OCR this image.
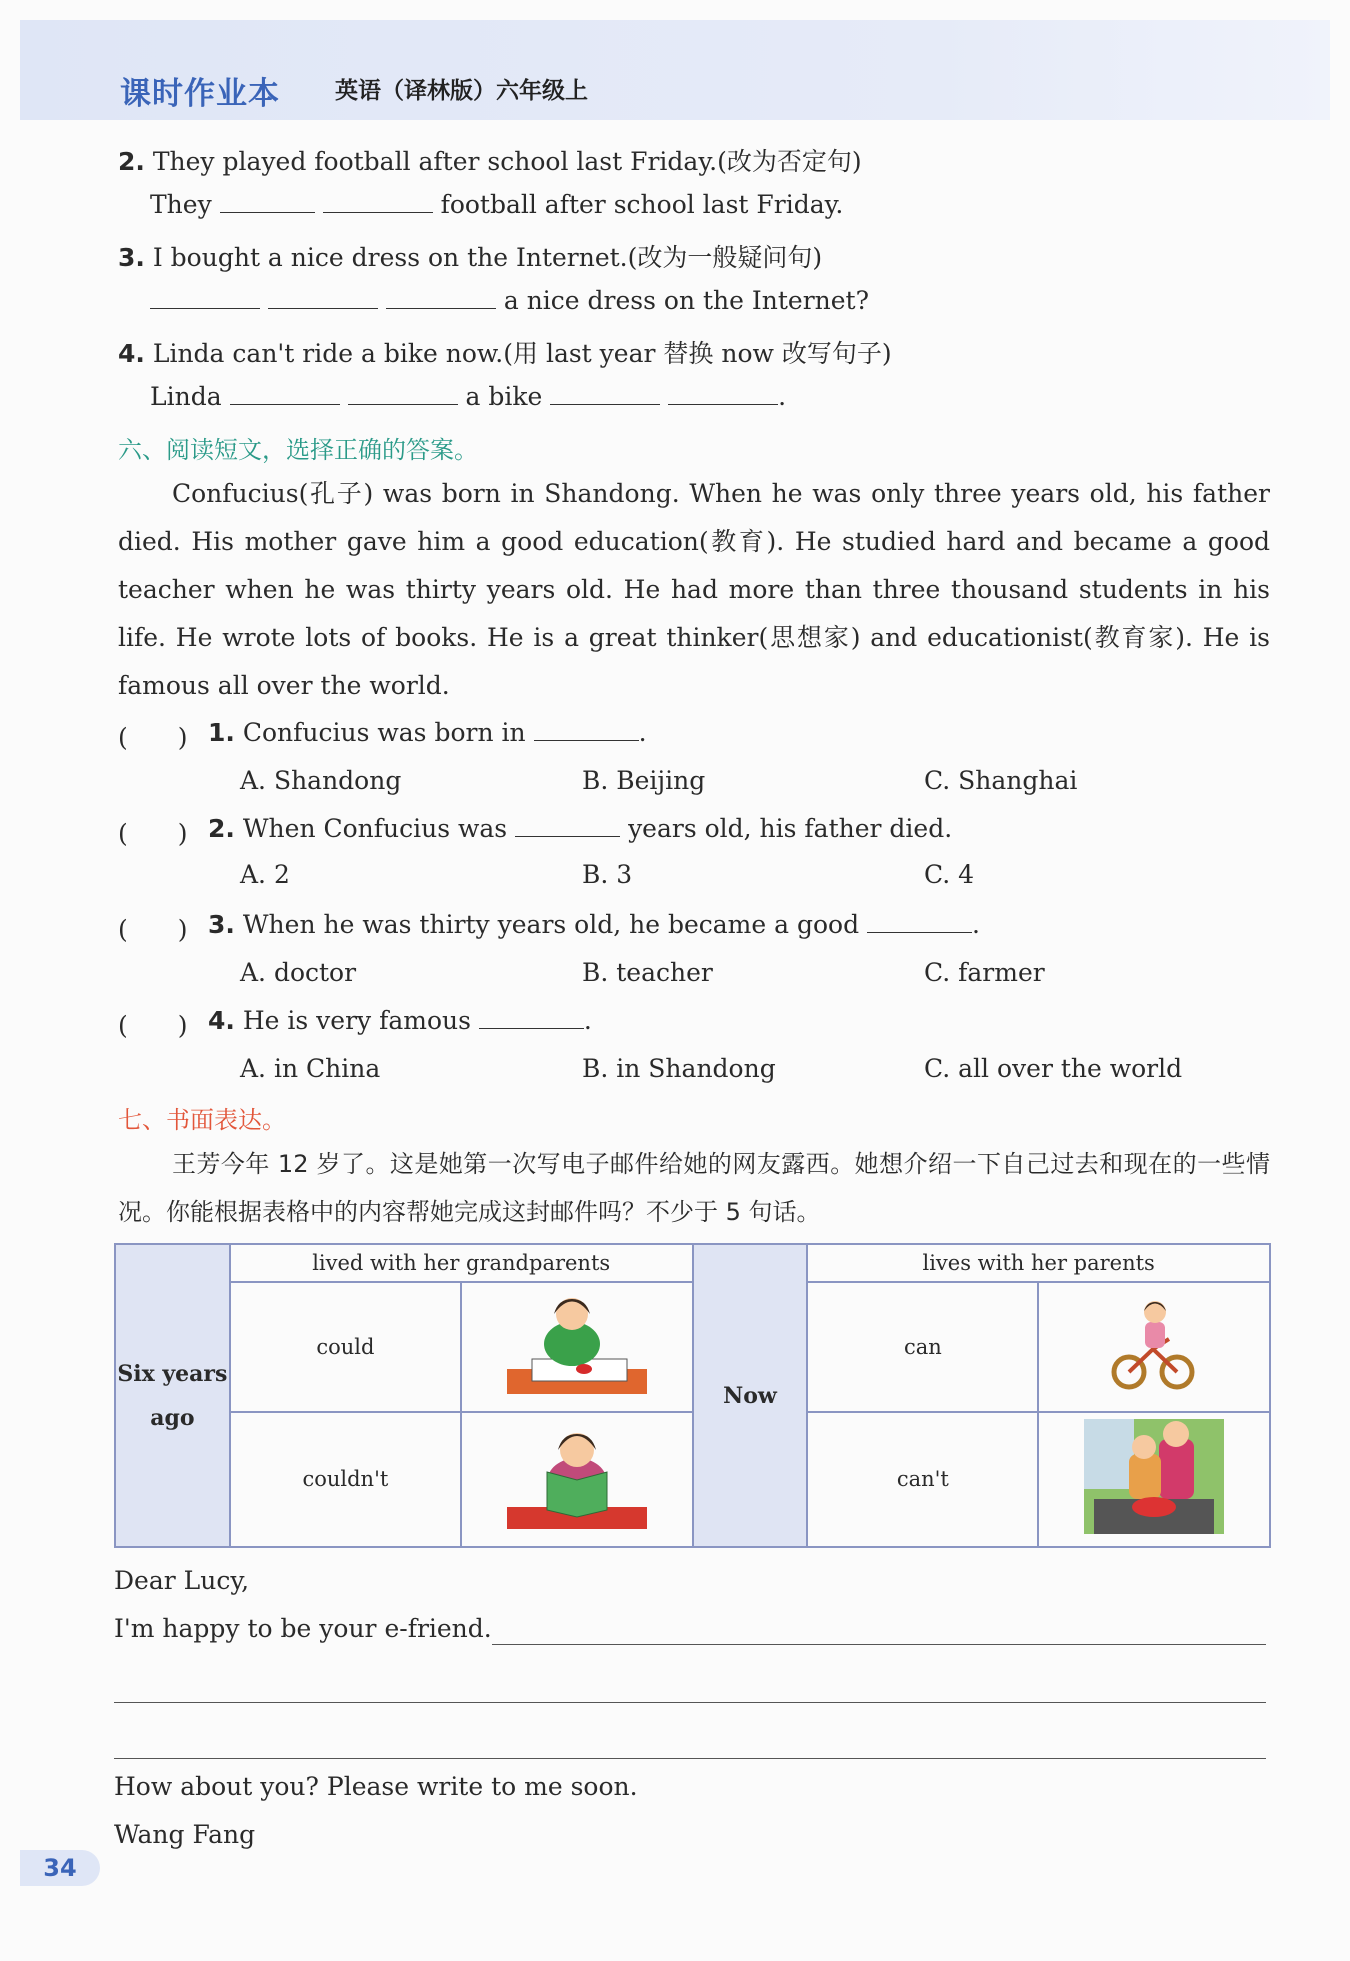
课时作业本 英语（译林版）六年级上
2. They played football after school last Friday.(改为否定句)
They	football after school last Friday.
3. I bought a nice dress on the Internet.(改为一般疑问句)
a nice dress on the Internet?
4. Linda can't ride a bike now.(用 last year 替换 now 改写句子)
Linda	a bike	.
六、阅读短文，选择正确的答案。
Confucius(孔子) was born in Shandong. When he was only three years old, his father died. His mother gave him a good education(教育). He studied hard and became a good teacher when he was thirty years old. He had more than three thousand students in his life. He wrote lots of books. He is a great thinker(思想家) and educationist(教育家). He is famous all over the world.
(　　) 1. Confucius was born in	.
A. Shandong	B. Beijing	C. Shanghai
(　　) 2. When Confucius was	years old, his father died.
A. 2	B. 3	C. 4
(　　) 3. When he was thirty years old, he became a good	.
A. doctor	B. teacher	C. farmer
(　　) 4. He is very famous	.
A. in China	B. in Shandong	C. all over the world
七、书面表达。
王芳今年 12 岁了。这是她第一次写电子邮件给她的网友露西。她想介绍一下自己过去和现在的一些情况。你能根据表格中的内容帮她完成这封邮件吗？不少于 5 句话。
Six years ago	lived with her grandparents		Now	lives with her parents	
	could			can	
	couldn't			can't	
Dear Lucy,
I'm happy to be your e-friend.
How about you? Please write to me soon.
Wang Fang
34
